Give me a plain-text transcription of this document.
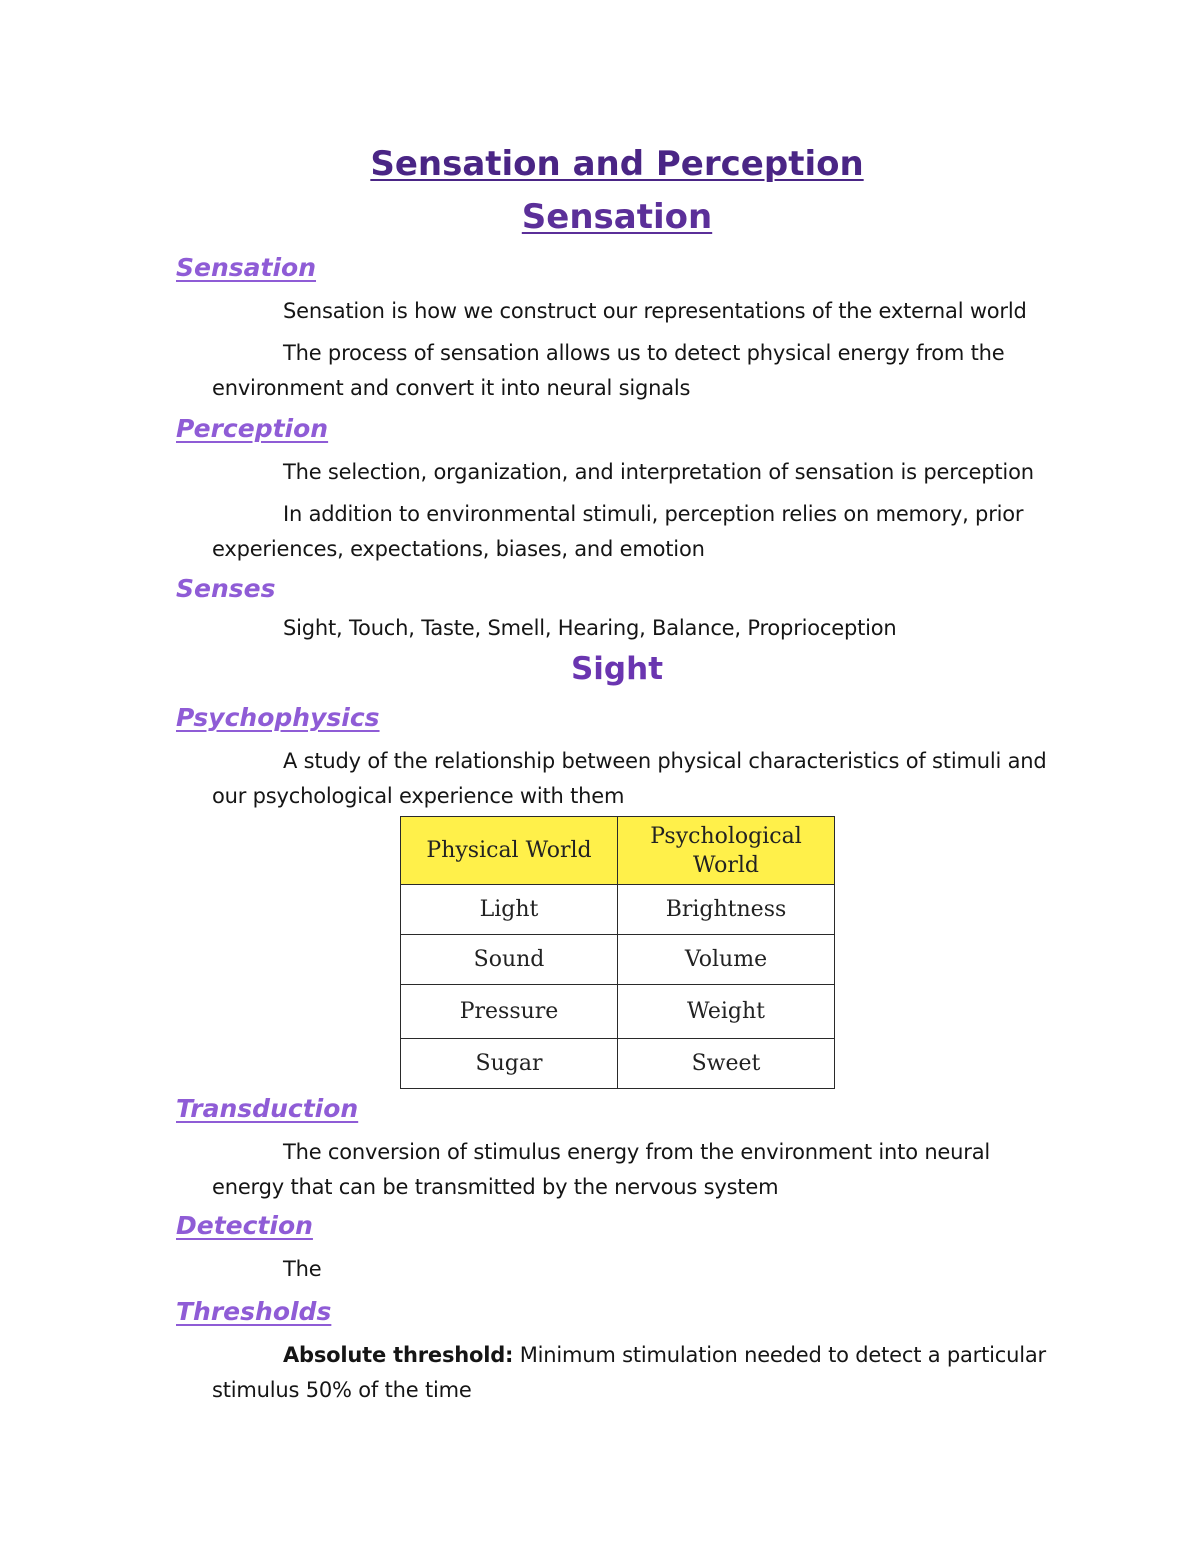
Sensation and Perception
Sensation
Sensation

Sensation is how we construct our representations of the external world

The process of sensation allows us to detect physical energy from the

environment and convert it into neural signals

Perception

The selection, organization, and interpretation of sensation is perception

In addition to environmental stimuli, perception relies on memory, prior

experiences, expectations, biases, and emotion

Senses

Sight, Touch, Taste, Smell, Hearing, Balance, Proprioception

Sight
Psychophysics

A study of the relationship between physical characteristics of stimuli and

our psychological experience with them

Physical World	Psychological
World
Light	Brightness
Sound	Volume
Pressure	Weight
Sugar	Sweet
Transduction

The conversion of stimulus energy from the environment into neural

energy that can be transmitted by the nervous system

Detection

The

Thresholds

Absolute threshold: Minimum stimulation needed to detect a particular

stimulus 50% of the time
